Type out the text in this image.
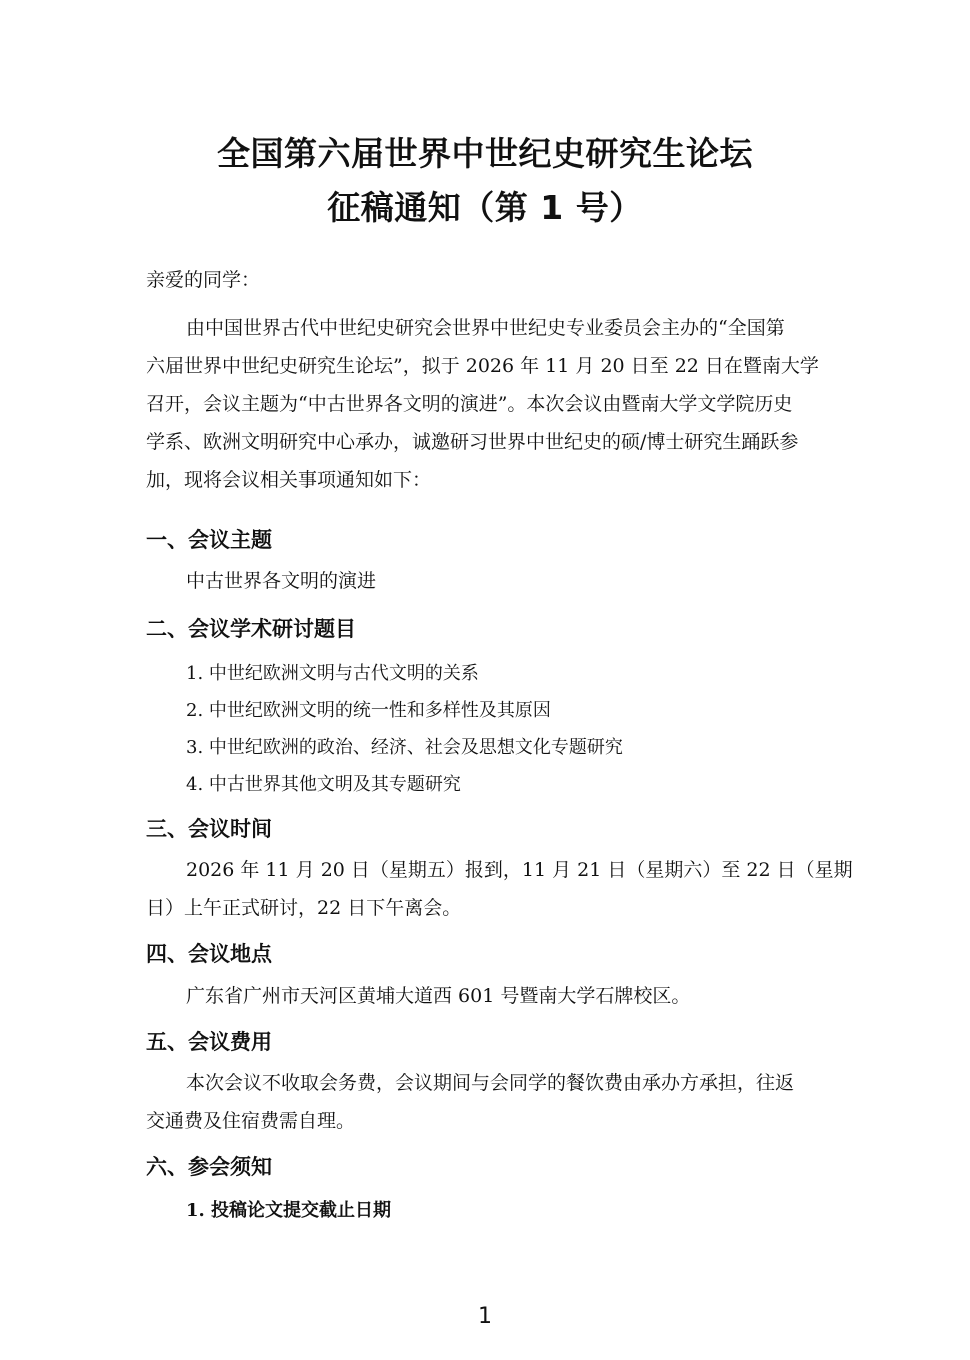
全国第六届世界中世纪史研究生论坛
征稿通知（第 1 号）
亲爱的同学：
由中国世界古代中世纪史研究会世界中世纪史专业委员会主办的“全国第
六届世界中世纪史研究生论坛”，拟于 2026 年 11 月 20 日至 22 日在暨南大学
召开，会议主题为“中古世界各文明的演进”。本次会议由暨南大学文学院历史
学系、欧洲文明研究中心承办，诚邀研习世界中世纪史的硕/博士研究生踊跃参
加，现将会议相关事项通知如下：
一、会议主题
中古世界各文明的演进
二、会议学术研讨题目
1. 中世纪欧洲文明与古代文明的关系
2. 中世纪欧洲文明的统一性和多样性及其原因
3. 中世纪欧洲的政治、经济、社会及思想文化专题研究
4. 中古世界其他文明及其专题研究
三、会议时间
2026 年 11 月 20 日（星期五）报到，11 月 21 日（星期六）至 22 日（星期
日）上午正式研讨，22 日下午离会。
四、会议地点
广东省广州市天河区黄埔大道西 601 号暨南大学石牌校区。
五、会议费用
本次会议不收取会务费，会议期间与会同学的餐饮费由承办方承担，往返
交通费及住宿费需自理。
六、参会须知
1. 投稿论文提交截止日期
1
